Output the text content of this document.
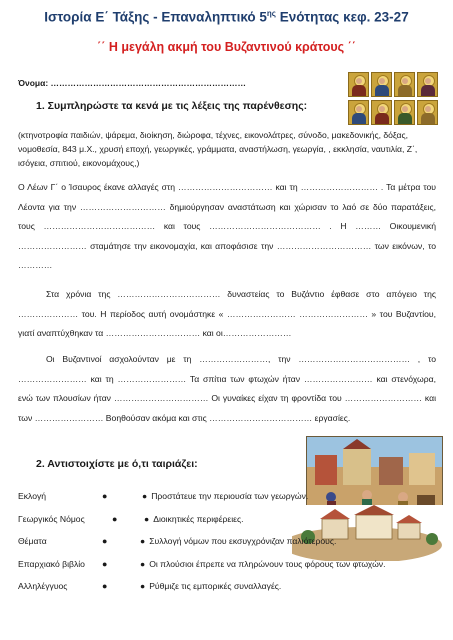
Ιστορία Ε΄ Τάξης - Επαναληπτικό $5^{\eta\varsigma}$ Ενότητας κεφ. 23-27
΄΄ Η μεγάλη ακμή του Βυζαντινού κράτους ΄΄
Όνομα: ……………………………………………………………
1. Συμπληρώστε τα κενά με τις λέξεις της παρένθεσης:
(κτηνοτροφία παιδιών, ψάρεμα, διοίκηση, διώροφα, τέχνες, εικονολάτρες, σύνοδο, μακεδονικής, δόξας, νομοθεσία, 843 μ.Χ., χρυσή εποχή, γεωργικές, γράμματα, αναστήλωση, γεωργία, , εκκλησία, ναυτιλία, Ζ΄, ισόγεια, σπιτιού, εικονομάχους,)
Ο Λέων Γ΄ ο Ίσαυρος έκανε αλλαγές στη …………………………… και τη ……………………… . Τα μέτρα του Λέοντα για την ………………………… δημιούργησαν αναστάτωση και χώρισαν το λαό σε δύο παρατάξεις, τους ………………………………… και τους ………………………………… . Η ……… Οικουμενική …………………… σταμάτησε την εικονομαχία, και αποφάσισε την …………………………… των εικόνων, το …………
Στα χρόνια της ……………………………… δυναστείας το Βυζάντιο έφθασε στο απόγειο της ………………… του. Η περίοδος αυτή ονομάστηκε « …………………… …………………… » του Βυζαντίου, γιατί αναπτύχθηκαν τα …………………………… και οι……………………
Οι Βυζαντινοί ασχολούνταν με τη ……………………, την ………………………………… , το …………………… και τη …………………… Τα σπίτια των φτωχών ήταν …………………… και στενόχωρα, ενώ των πλουσίων ήταν …………………………… Οι γυναίκες είχαν τη φροντίδα του ……………………… και των …………………… Βοηθούσαν ακόμα και στις ……………………………… εργασίες.
2. Αντιστοιχίστε με ό,τι ταιριάζει:
Εκλογή	●	● Προστάτευε την περιουσία των γεωργών.
Γεωργικός Νόμος	●	● Διοικητικές περιφέρειες.
Θέματα	●	● Συλλογή νόμων που εκσυγχρόνιζαν παλιότερους.
Επαρχιακό βιβλίο ●	● Οι πλούσιοι έπρεπε να πληρώνουν τους φόρους των φτωχών.
Αλληλέγγυος	●	● Ρύθμιζε τις εμπορικές συναλλαγές.
